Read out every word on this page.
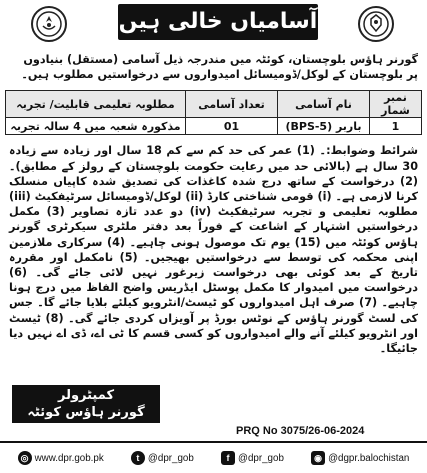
آسامیاں خالی ہیں

گورنر ہاؤس بلوچستان، کوئٹہ میں مندرجہ ذیل آسامی (مستقل) بنیادوں پر بلوچستان کے لوکل/ڈومیسائل امیدواروں سے درخواستیں مطلوب ہیں۔

نمبر شمار	نام آسامی	تعداد آسامی	مطلوبہ تعلیمی قابلیت/ تجربہ
1	باربر (BPS-5)	01	مذکورہ شعبہ میں 4 سالہ تجربہ

شرائط وضوابط:۔ (1) عمر کی حد کم سے کم 18 سال اور زیادہ سے زیادہ 30 سال ہے (بالائی حد میں رعایت حکومت بلوچستان کے رولز کے مطابق)۔ (2) درخواست کے ساتھ درج شدہ کاغذات کی تصدیق شدہ کاپیاں منسلک کرنا لازمی ہے۔ (i) قومی شناختی کارڈ (ii) لوکل/ڈومیسائل سرٹیفکیٹ (iii) مطلوبہ تعلیمی و تجربہ سرٹیفکیٹ (iv) دو عدد تازہ تصاویر (3) مکمل درخواستیں اشتہار کے اشاعت کے فوراً بعد دفتر ملٹری سیکرٹری گورنر ہاؤس کوئٹہ میں (15) یوم تک موصول ہونی چاہیے۔ (4) سرکاری ملازمین اپنی محکمہ کی توسط سے درخواستیں بھیجیں۔ (5) نامکمل اور مقررہ تاریخ کے بعد کوئی بھی درخواست زیرغور نہیں لائی جائے گی۔ (6) درخواست میں امیدوار کا مکمل پوسٹل ایڈریس واضح الفاظ میں درج ہونا چاہیے۔ (7) صرف اہل امیدواروں کو ٹیسٹ/انٹرویو کیلئے بلایا جائے گا۔ جس کی لسٹ گورنر ہاؤس کے نوٹس بورڈ پر آویزاں کردی جائے گی۔ (8) ٹیسٹ اور انٹرویو کیلئے آنے والے امیدواروں کو کسی قسم کا ٹی اے، ڈی اے نہیں دیا جائیگا۔

کمپٹرولر
گورنر ہاؤس کوئٹہ
PRQ No 3075/26-06-2024
◎ www.dpr.gob.pk	t @dpr_gob	f @dpr_gob	◉ @dgpr.balochistan
